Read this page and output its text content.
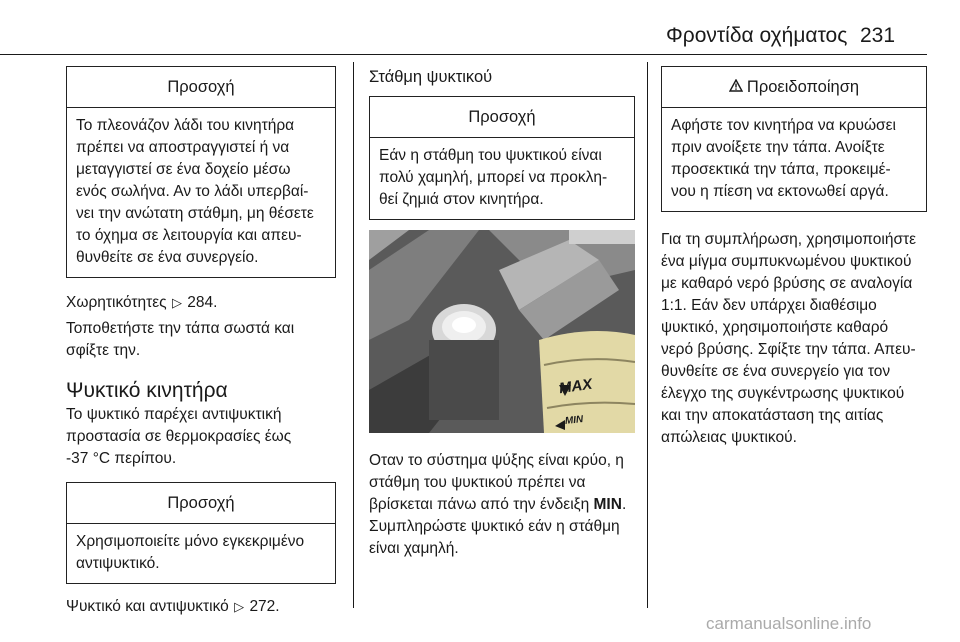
Φροντίδα οχήματος 231
Προσοχή
Το πλεονάζον λάδι του κινητήρα
πρέπει να αποστραγγιστεί ή να
μεταγγιστεί σε ένα δοχείο μέσω
ενός σωλήνα. Αν το λάδι υπερβαί-
νει την ανώτατη στάθμη, μη θέσετε
το όχημα σε λειτουργία και απευ-
θυνθείτε σε ένα συνεργείο.
Χωρητικότητες ▷ 284.
Τοποθετήστε την τάπα σωστά και
σφίξτε την.
Ψυκτικό κινητήρα
Το ψυκτικό παρέχει αντιψυκτική
προστασία σε θερμοκρασίες έως
-37 °C περίπου.
Προσοχή
Χρησιμοποιείτε μόνο εγκεκριμένο
αντιψυκτικό.
Ψυκτικό και αντιψυκτικό ▷ 272.
Στάθμη ψυκτικού
Προσοχή
Εάν η στάθμη του ψυκτικού είναι
πολύ χαμηλή, μπορεί να προκλη-
θεί ζημιά στον κινητήρα.
MAX
MIN
Οταν το σύστημα ψύξης είναι κρύο, η
στάθμη του ψυκτικού πρέπει να
βρίσκεται πάνω από την ένδειξη MIN.
Συμπληρώστε ψυκτικό εάν η στάθμη
είναι χαμηλή.
Προειδοποίηση
Αφήστε τον κινητήρα να κρυώσει
πριν ανοίξετε την τάπα. Ανοίξτε
προσεκτικά την τάπα, προκειμέ-
νου η πίεση να εκτονωθεί αργά.
Για τη συμπλήρωση, χρησιμοποιήστε
ένα μίγμα συμπυκνωμένου ψυκτικού
με καθαρό νερό βρύσης σε αναλογία
1:1. Εάν δεν υπάρχει διαθέσιμο
ψυκτικό, χρησιμοποιήστε καθαρό
νερό βρύσης. Σφίξτε την τάπα. Απευ-
θυνθείτε σε ένα συνεργείο για τον
έλεγχο της συγκέντρωσης ψυκτικού
και την αποκατάσταση της αιτίας
απώλειας ψυκτικού.
carmanualsonline.info
